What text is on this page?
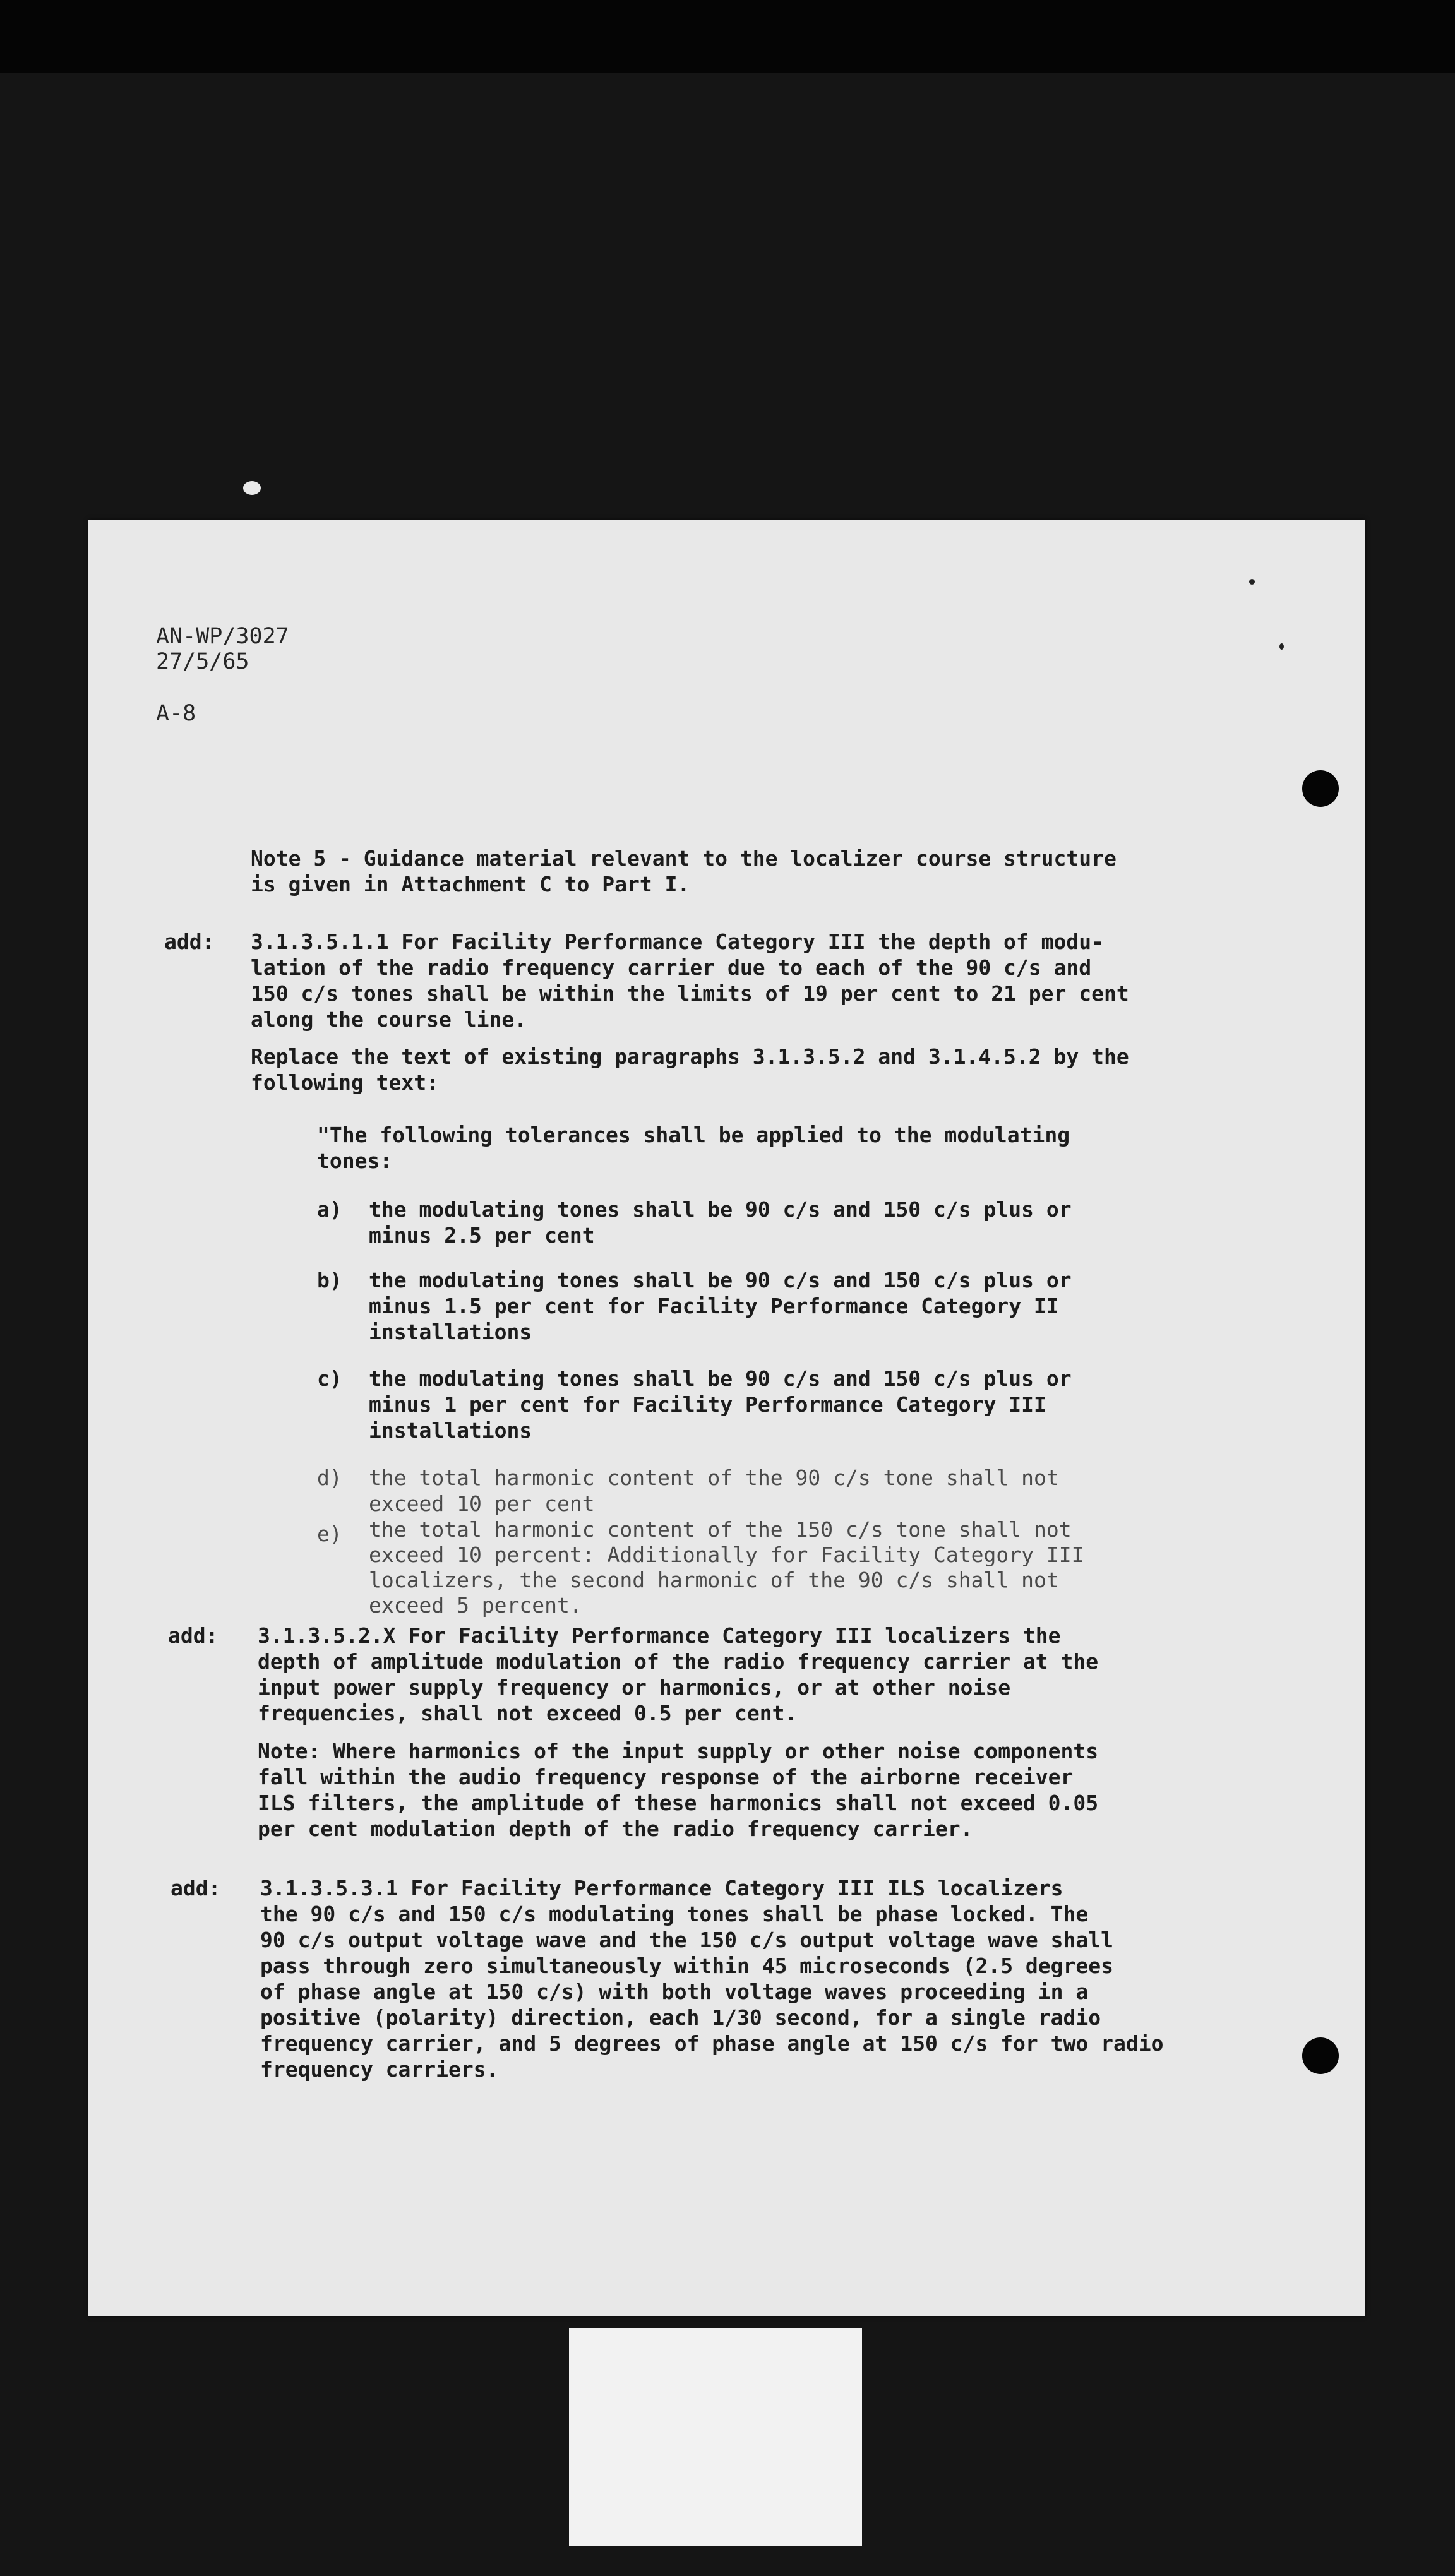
AN-WP/3027
27/5/65
A-8
Note 5 - Guidance material relevant to the localizer course structure
is given in Attachment C to Part I.
add: 3.1.3.5.1.1 For Facility Performance Category III the depth of modu-
lation of the radio frequency carrier due to each of the 90 c/s and
150 c/s tones shall be within the limits of 19 per cent to 21 per cent
along the course line.
Replace the text of existing paragraphs 3.1.3.5.2 and 3.1.4.5.2 by the
following text:
"The following tolerances shall be applied to the modulating
tones:
a) the modulating tones shall be 90 c/s and 150 c/s plus or
minus 2.5 per cent
b) the modulating tones shall be 90 c/s and 150 c/s plus or
minus 1.5 per cent for Facility Performance Category II
installations
c) the modulating tones shall be 90 c/s and 150 c/s plus or
minus 1 per cent for Facility Performance Category III
installations
d) the total harmonic content of the 90 c/s tone shall not
exceed 10 per cent
e) the total harmonic content of the 150 c/s tone shall not
exceed 10 percent: Additionally for Facility Category III
localizers, the second harmonic of the 90 c/s shall not
exceed 5 percent.
add: 3.1.3.5.2.X For Facility Performance Category III localizers the
depth of amplitude modulation of the radio frequency carrier at the
input power supply frequency or harmonics, or at other noise
frequencies, shall not exceed 0.5 per cent.
Note: Where harmonics of the input supply or other noise components
fall within the audio frequency response of the airborne receiver
ILS filters, the amplitude of these harmonics shall not exceed 0.05
per cent modulation depth of the radio frequency carrier.
add: 3.1.3.5.3.1 For Facility Performance Category III ILS localizers
the 90 c/s and 150 c/s modulating tones shall be phase locked. The
90 c/s output voltage wave and the 150 c/s output voltage wave shall
pass through zero simultaneously within 45 microseconds (2.5 degrees
of phase angle at 150 c/s) with both voltage waves proceeding in a
positive (polarity) direction, each 1/30 second, for a single radio
frequency carrier, and 5 degrees of phase angle at 150 c/s for two radio
frequency carriers.
